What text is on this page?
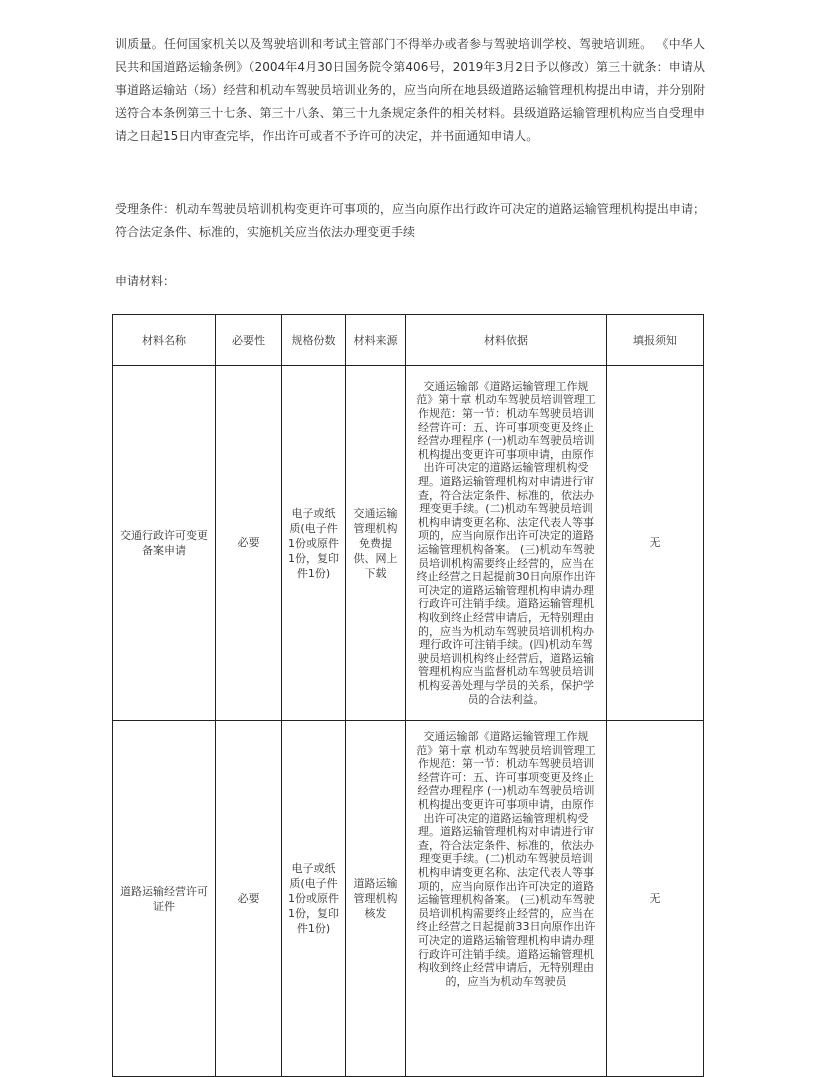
训质量。任何国家机关以及驾驶培训和考试主管部门不得举办或者参与驾驶培训学校、驾驶培训班。 《中华人民共和国道路运输条例》（2004年4月30日国务院令第406号，2019年3月2日予以修改）第三十就条：申请从事道路运输站（场）经营和机动车驾驶员培训业务的，应当向所在地县级道路运输管理机构提出申请，并分别附送符合本条例第三十七条、第三十八条、第三十九条规定条件的相关材料。县级道路运输管理机构应当自受理申请之日起15日内审查完毕，作出许可或者不予许可的决定，并书面通知申请人。
受理条件：机动车驾驶员培训机构变更许可事项的，应当向原作出行政许可决定的道路运输管理机构提出申请；符合法定条件、标准的，实施机关应当依法办理变更手续
申请材料：
材料名称	必要性	规格份数	材料来源	材料依据	填报须知
交通行政许可变更备案申请	必要	电子或纸质(电子件1份或原件1份，复印件1份)	交通运输管理机构免费提供、网上下载	交通运输部《道路运输管理工作规范》第十章 机动车驾驶员培训管理工作规范：第一节：机动车驾驶员培训经营许可：五、许可事项变更及终止经营办理程序 (一)机动车驾驶员培训机构提出变更许可事项申请，由原作出许可决定的道路运输管理机构受理。道路运输管理机构对申请进行审查，符合法定条件、标准的，依法办理变更手续。(二)机动车驾驶员培训机构申请变更名称、法定代表人等事项的，应当向原作出许可决定的道路运输管理机构备案。 (三)机动车驾驶员培训机构需要终止经营的，应当在终止经营之日起提前30日向原作出许可决定的道路运输管理机构申请办理行政许可注销手续。道路运输管理机构收到终止经营申请后，无特别理由的，应当为机动车驾驶员培训机构办理行政许可注销手续。(四)机动车驾驶员培训机构终止经营后，道路运输管理机构应当监督机动车驾驶员培训机构妥善处理与学员的关系，保护学员的合法利益。	无
道路运输经营许可证件	必要	电子或纸质(电子件1份或原件1份，复印件1份)	道路运输管理机构核发	交通运输部《道路运输管理工作规范》第十章 机动车驾驶员培训管理工作规范：第一节：机动车驾驶员培训经营许可：五、许可事项变更及终止经营办理程序 (一)机动车驾驶员培训机构提出变更许可事项申请，由原作出许可决定的道路运输管理机构受理。道路运输管理机构对申请进行审查，符合法定条件、标准的，依法办理变更手续。(二)机动车驾驶员培训机构申请变更名称、法定代表人等事项的，应当向原作出许可决定的道路运输管理机构备案。 (三)机动车驾驶员培训机构需要终止经营的，应当在终止经营之日起提前33日向原作出许可决定的道路运输管理机构申请办理行政许可注销手续。道路运输管理机构收到终止经营申请后，无特别理由的，应当为机动车驾驶员	无
